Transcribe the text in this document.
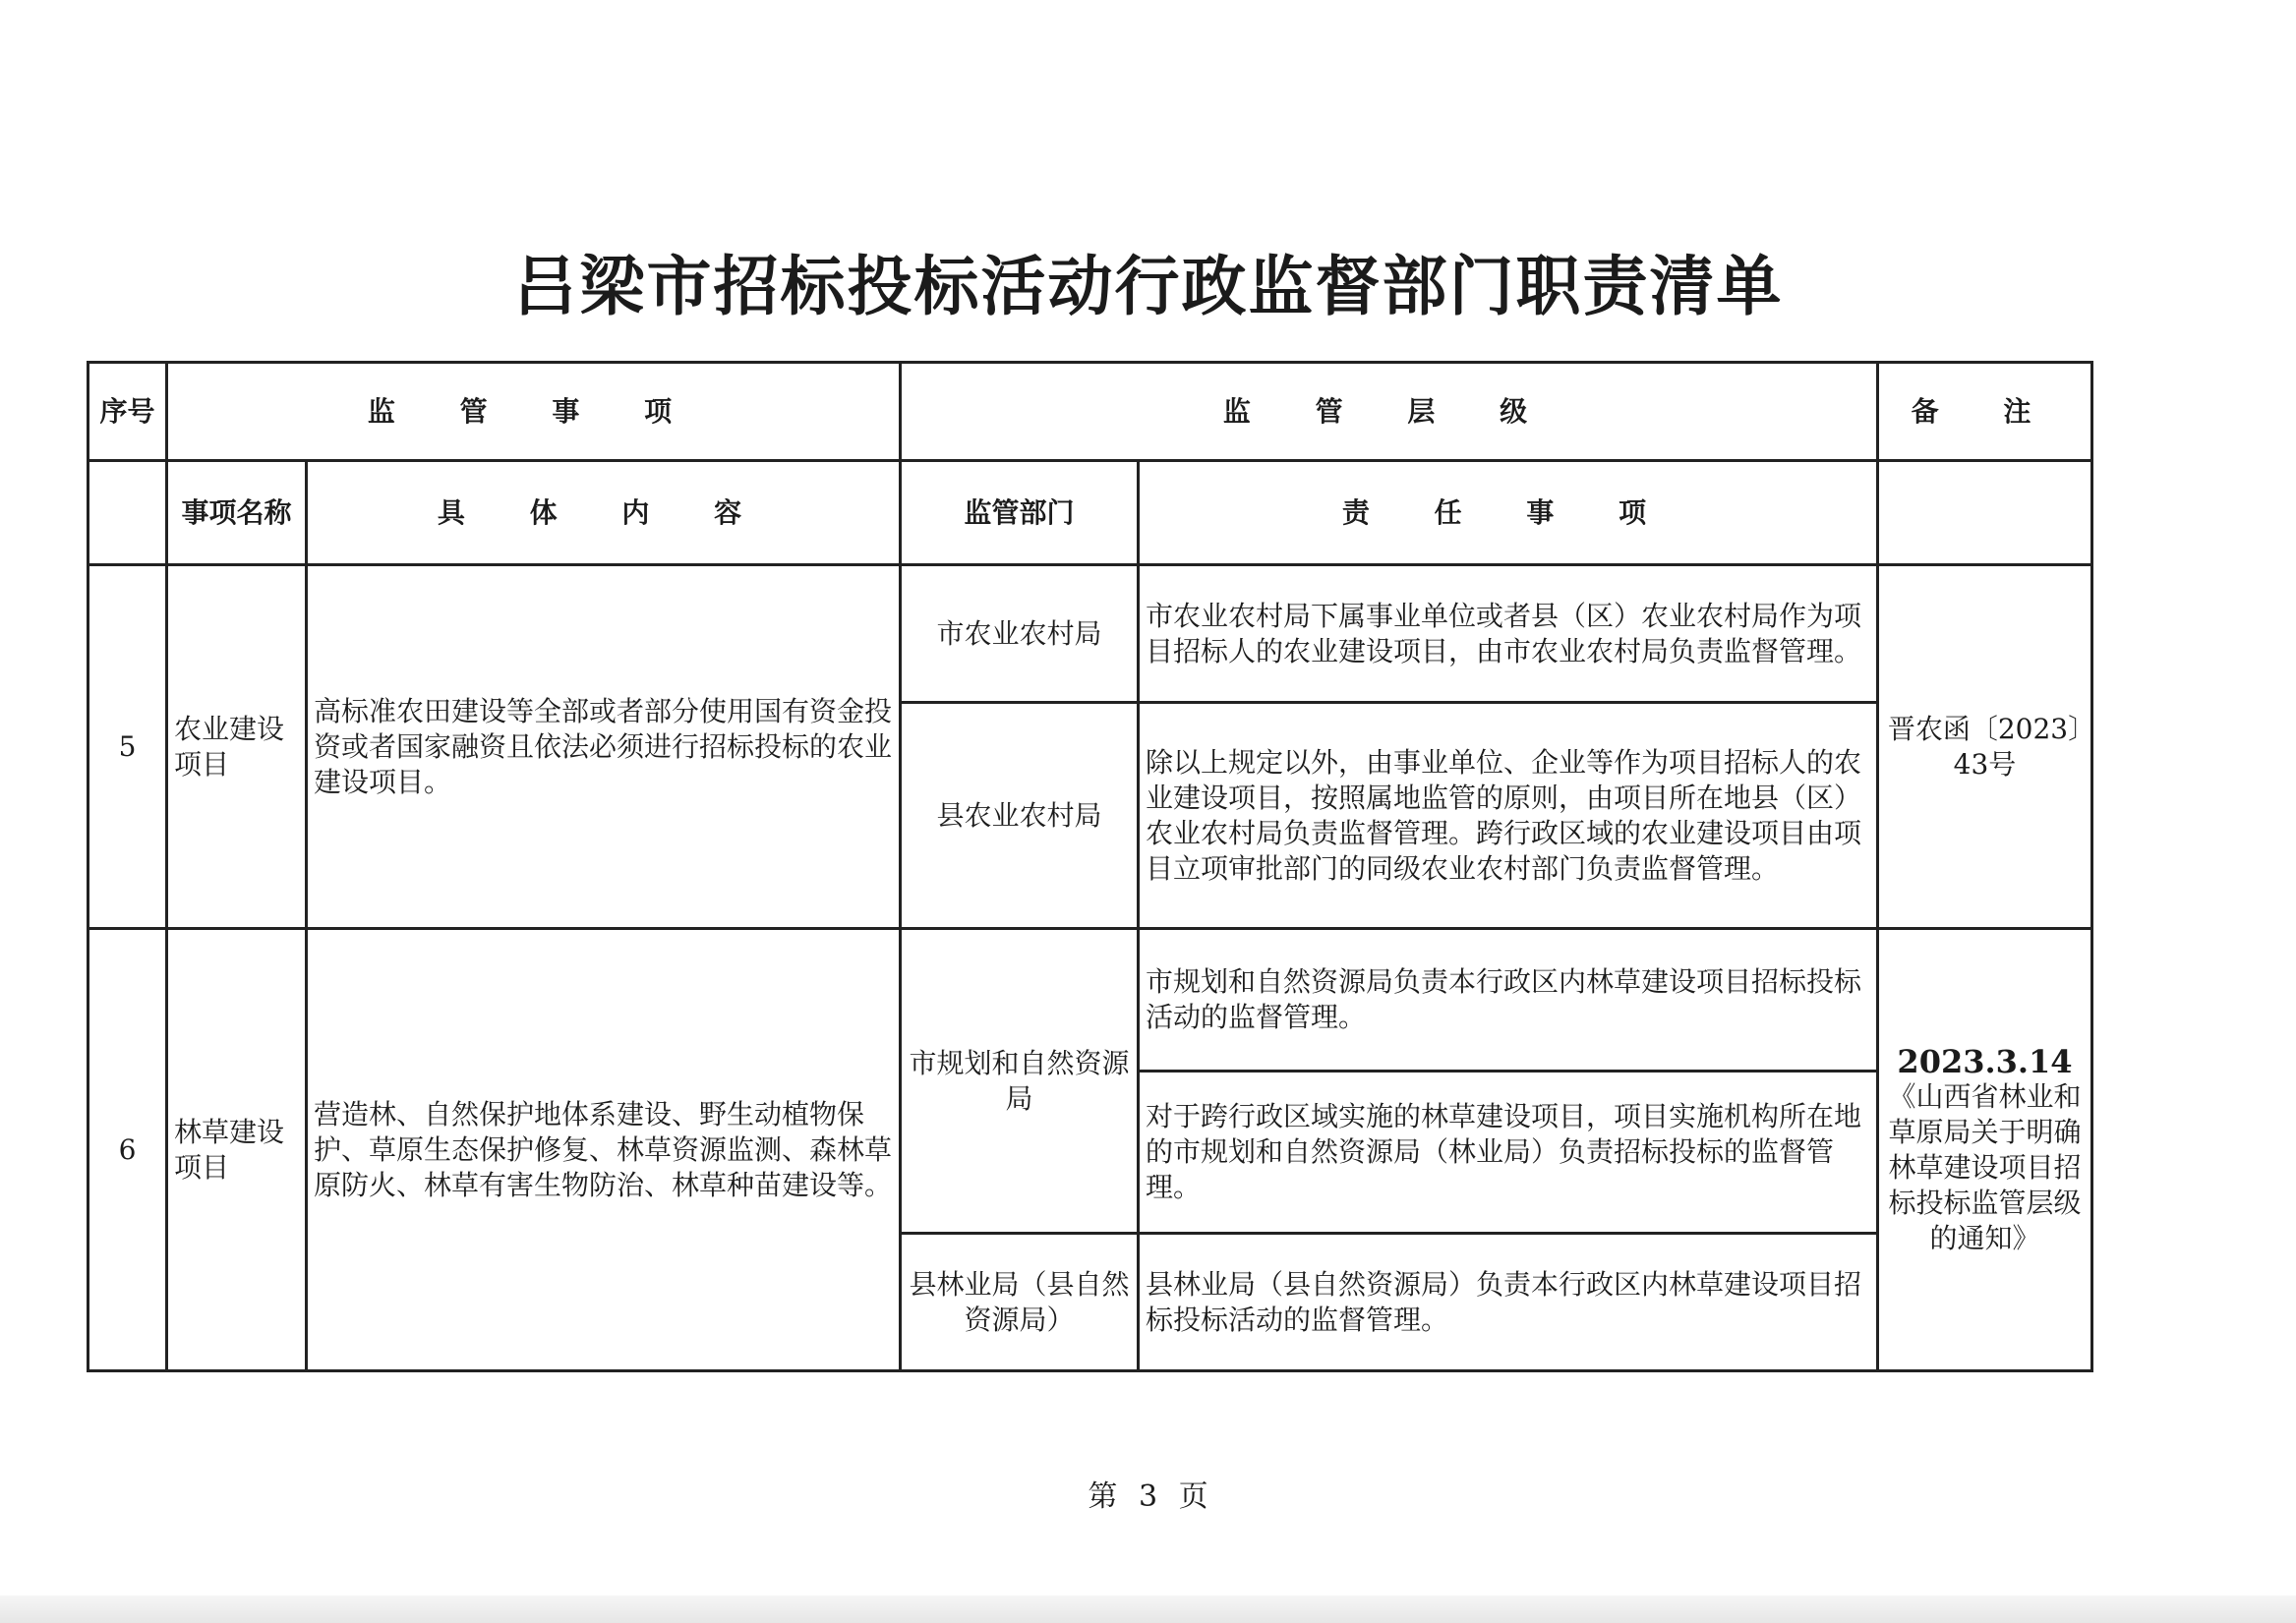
吕梁市招标投标活动行政监督部门职责清单
序号	监 管 事 项		监 管 层 级		备 注
	事项名称	具 体 内 容	监管部门	责 任 事 项	
5	农业建设项目	高标准农田建设等全部或者部分使用国有资金投资或者国家融资且依法必须进行招标投标的农业建设项目。	市农业农村局	市农业农村局下属事业单位或者县（区）农业农村局作为项目招标人的农业建设项目，由市农业农村局负责监督管理。	晋农函〔2023〕43号
			县农业农村局	除以上规定以外，由事业单位、企业等作为项目招标人的农业建设项目，按照属地监管的原则，由项目所在地县（区）农业农村局负责监督管理。跨行政区域的农业建设项目由项目立项审批部门的同级农业农村部门负责监督管理。	
6	林草建设项目	营造林、自然保护地体系建设、野生动植物保护、草原生态保护修复、林草资源监测、森林草原防火、林草有害生物防治、林草种苗建设等。	市规划和自然资源局	市规划和自然资源局负责本行政区内林草建设项目招标投标活动的监督管理。	2023.3.14
《山西省林业和草原局关于明确林草建设项目招标投标监管层级的通知》
				对于跨行政区域实施的林草建设项目，项目实施机构所在地的市规划和自然资源局（林业局）负责招标投标的监督管理。	
			县林业局（县自然资源局）	县林业局（县自然资源局）负责本行政区内林草建设项目招标投标活动的监督管理。	
第 3 页
